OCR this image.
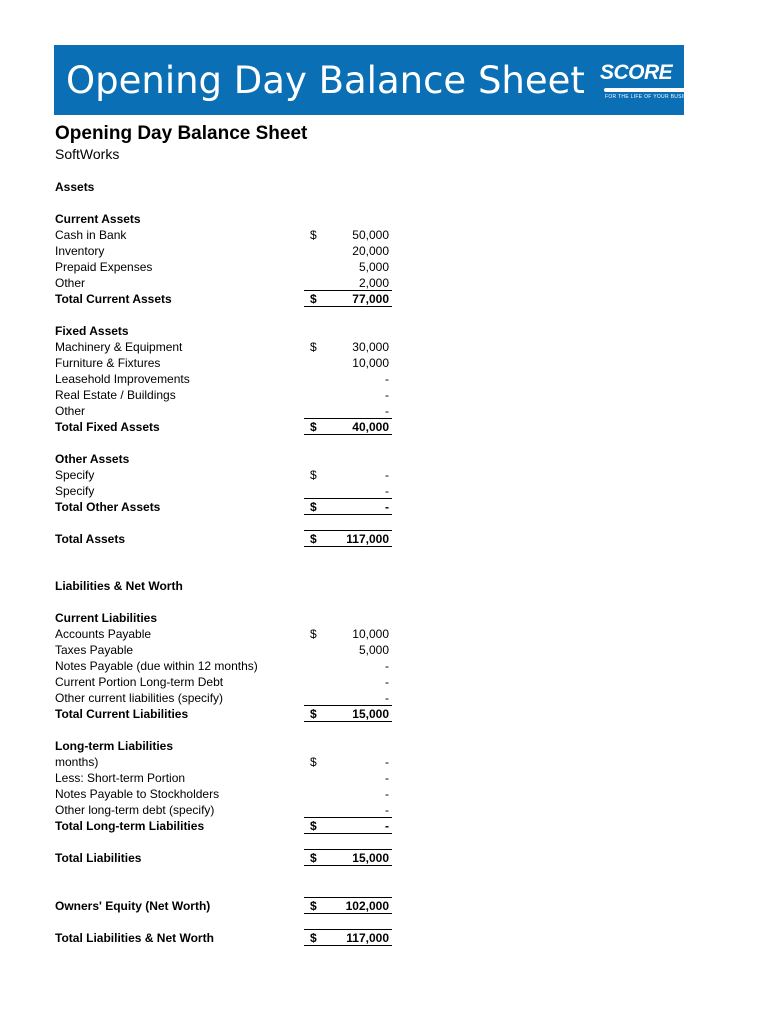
Opening Day Balance Sheet SCORE
FOR THE LIFE OF YOUR BUSINESS
Opening Day Balance Sheet
SoftWorks
Assets
Current Assets
Cash in Bank	$	50,000
Inventory	20,000
Prepaid Expenses	5,000
Other	2,000
Total Current Assets	$	77,000
Fixed Assets
Machinery & Equipment	$	30,000
Furniture & Fixtures	10,000
Leasehold Improvements	-
Real Estate / Buildings	-
Other	-
Total Fixed Assets	$	40,000
Other Assets
Specify	$	-
Specify	-
Total Other Assets	$	-
Total Assets	$ 117,000
Liabilities & Net Worth
Current Liabilities
Accounts Payable	$	10,000
Taxes Payable	5,000
Notes Payable (due within 12 months)	-
Current Portion Long-term Debt	-
Other current liabilities (specify)	-
Total Current Liabilities	$	15,000
Long-term Liabilities
months)	$	-
Less: Short-term Portion	-
Notes Payable to Stockholders	-
Other long-term debt (specify)	-
Total Long-term Liabilities	$	-
Total Liabilities	$	15,000
Owners' Equity (Net Worth)	$ 102,000
Total Liabilities & Net Worth	$ 117,000
